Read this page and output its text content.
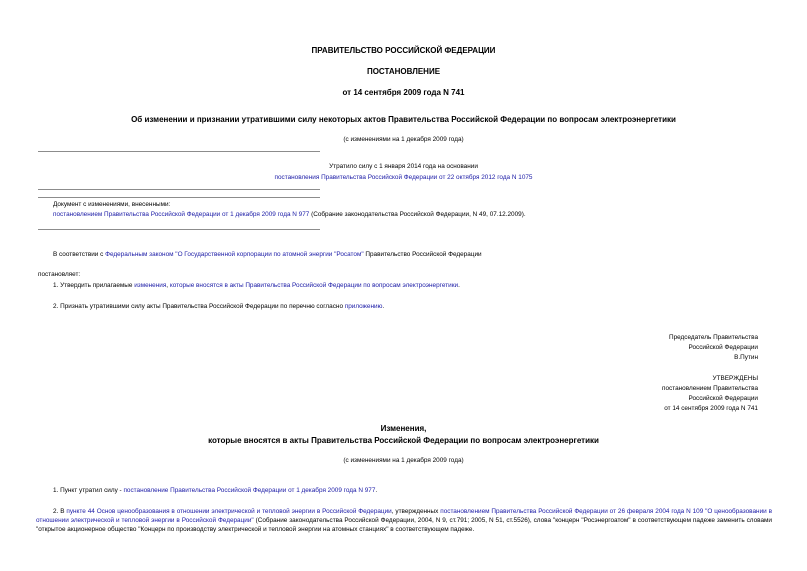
ПРАВИТЕЛЬСТВО РОССИЙСКОЙ ФЕДЕРАЦИИ
ПОСТАНОВЛЕНИЕ
от 14 сентября 2009 года N 741
Об изменении и признании утратившими силу некоторых актов Правительства Российской Федерации по вопросам электроэнергетики
(с изменениями на 1 декабря 2009 года)
Утратило силу с 1 января 2014 года на основании
постановления Правительства Российской Федерации от 22 октября 2012 года N 1075
Документ с изменениями, внесенными:
постановлением Правительства Российской Федерации от 1 декабря 2009 года N 977 (Собрание законодательства Российской Федерации, N 49, 07.12.2009).
В соответствии с Федеральным законом "О Государственной корпорации по атомной энергии "Росатом" Правительство Российской Федерации
постановляет:
1. Утвердить прилагаемые изменения, которые вносятся в акты Правительства Российской Федерации по вопросам электроэнергетики.
2. Признать утратившими силу акты Правительства Российской Федерации по перечню согласно приложению.
Председатель Правительства
Российской Федерации
В.Путин
УТВЕРЖДЕНЫ
постановлением Правительства
Российской Федерации
от 14 сентября 2009 года N 741
Изменения,
которые вносятся в акты Правительства Российской Федерации по вопросам электроэнергетики
(с изменениями на 1 декабря 2009 года)
1. Пункт утратил силу - постановление Правительства Российской Федерации от 1 декабря 2009 года N 977.
2. В пункте 44 Основ ценообразования в отношении электрической и тепловой энергии в Российской Федерации, утвержденных постановлением Правительства Российской Федерации от 26 февраля 2004 года N 109 "О ценообразовании в отношении электрической и тепловой энергии в Российской Федерации" (Собрание законодательства Российской Федерации, 2004, N 9, ст.791; 2005, N 51, ст.5526), слова "концерн "Росэнергоатом" в соответствующем падеже заменить словами "открытое акционерное общество "Концерн по производству электрической и тепловой энергии на атомных станциях" в соответствующем падеже.
